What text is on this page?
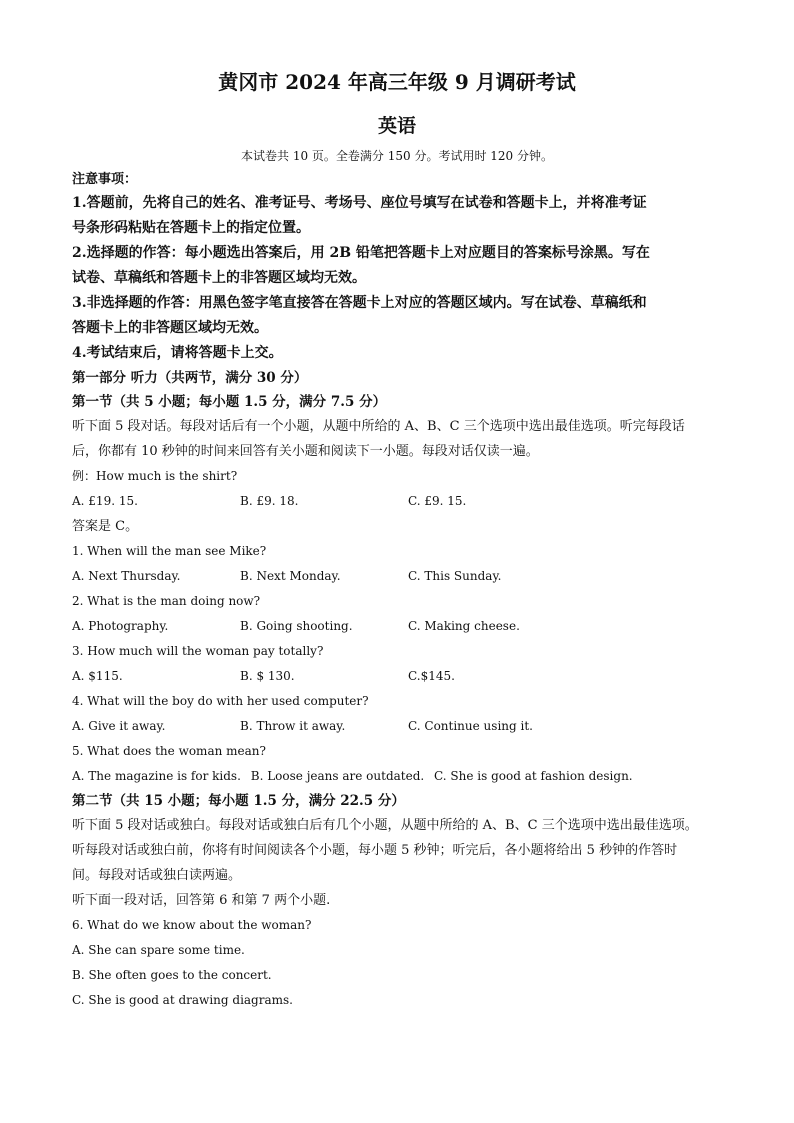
黄冈市 2024 年高三年级 9 月调研考试
英语
本试卷共 10 页。全卷满分 150 分。考试用时 120 分钟。

注意事项：

1.答题前，先将自己的姓名、准考证号、考场号、座位号填写在试卷和答题卡上，并将准考证

号条形码粘贴在答题卡上的指定位置。

2.选择题的作答：每小题选出答案后，用 2B 铅笔把答题卡上对应题目的答案标号涂黑。写在

试卷、草稿纸和答题卡上的非答题区域均无效。

3.非选择题的作答：用黑色签字笔直接答在答题卡上对应的答题区域内。写在试卷、草稿纸和

答题卡上的非答题区域均无效。

4.考试结束后，请将答题卡上交。

第一部分 听力（共两节，满分 30 分）

第一节（共 5 小题；每小题 1.5 分，满分 7.5 分）

听下面 5 段对话。每段对话后有一个小题，从题中所给的 A、B、C 三个选项中选出最佳选项。听完每段话

后，你都有 10 秒钟的时间来回答有关小题和阅读下一小题。每段对话仅读一遍。

例：How much is the shirt?

A. £19. 15.	B. £9. 18.	C. £9. 15.

答案是 C。

1. When will the man see Mike?

A. Next Thursday.	B. Next Monday.	C. This Sunday.

2. What is the man doing now?

A. Photography.	B. Going shooting.	C. Making cheese.

3. How much will the woman pay totally?

A. $115.	B. $ 130.	C.$145.

4. What will the boy do with her used computer?

A. Give it away.	B. Throw it away.	C. Continue using it.

5. What does the woman mean?

A. The magazine is for kids. B. Loose jeans are outdated. C. She is good at fashion design.

第二节（共 15 小题；每小题 1.5 分，满分 22.5 分）

听下面 5 段对话或独白。每段对话或独白后有几个小题，从题中所给的 A、B、C 三个选项中选出最佳选项。

听每段对话或独白前，你将有时间阅读各个小题，每小题 5 秒钟；听完后，各小题将给出 5 秒钟的作答时

间。每段对话或独白读两遍。

听下面一段对话，回答第 6 和第 7 两个小题.

6. What do we know about the woman?

A. She can spare some time.

B. She often goes to the concert.

C. She is good at drawing diagrams.
